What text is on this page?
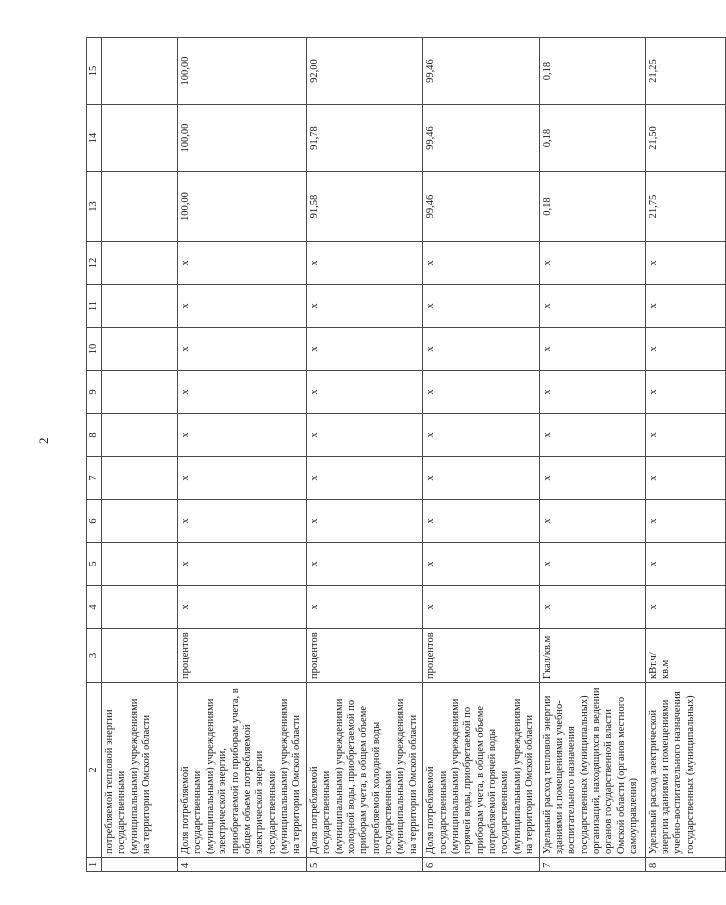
2
1	2	3	4	5	6	7	8	9	10	11	12	13	14	15
	потребляемой тепловой энергии государственными (муниципальными) учреждениями на территории Омской области													
4	Доля потребляемой государственными (муниципальными) учреждениями электрической энергии, приобретаемой по приборам учета, в общем объеме потребляемой электрической энергии государственными (муниципальными) учреждениями на территории Омской области	процентов	x	x	x	x	x	x	x	x	x	100,00	100,00	100,00
5	Доля потребляемой государственными (муниципальными) учреждениями холодной воды, приобретаемой по приборам учета, в общем объеме потребляемой холодной воды государственными (муниципальными) учреждениями на территории Омской области	процентов	x	x	x	x	x	x	x	x	x	91,58	91,78	92,00
6	Доля потребляемой государственными (муниципальными) учреждениями горячей воды, приобретаемой по приборам учета, в общем объеме потребляемой горячей воды государственными (муниципальными) учреждениями на территории Омской области	процентов	x	x	x	x	x	x	x	x	x	99,46	99,46	99,46
7	Удельный расход тепловой энергии зданиями и помещениями учебно-воспитательного назначения государственных (муниципальных) организаций, находящихся в ведении органов государственной власти Омской области (органов местного самоуправления)	Гкал/кв.м	x	x	x	x	x	x	x	x	x	0,18	0,18	0,18
8	Удельный расход электрической энергии зданиями и помещениями учебно-воспитательного назначения государственных (муниципальных)	кВт.ч/ кв.м	x	x	x	x	x	x	x	x	x	21,75	21,50	21,25
